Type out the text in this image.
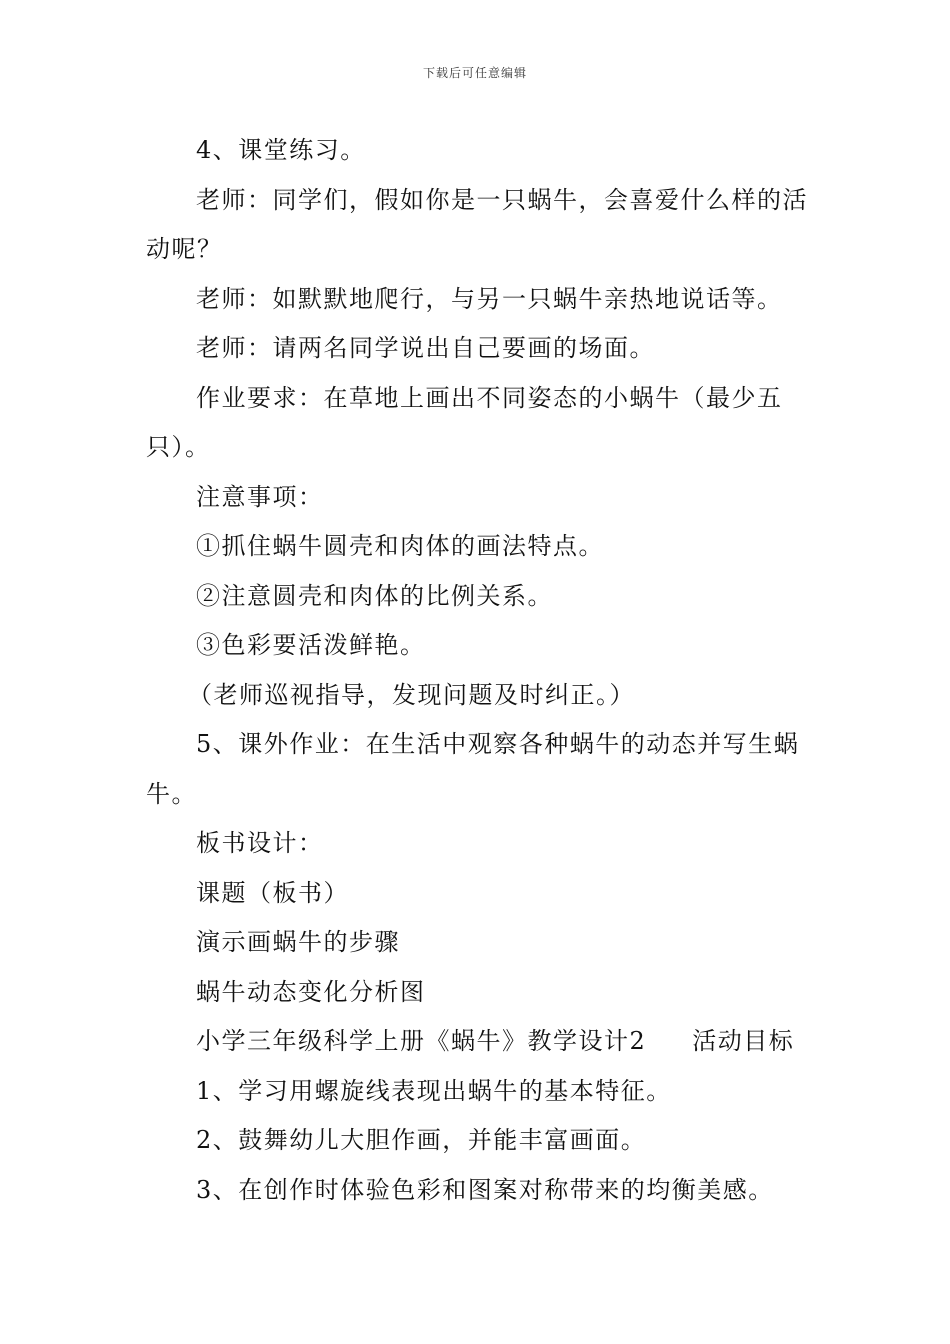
下载后可任意编辑

4、课堂练习。

老师：同学们，假如你是一只蜗牛，会喜爱什么样的活动呢？

老师：如默默地爬行，与另一只蜗牛亲热地说话等。

老师：请两名同学说出自己要画的场面。

作业要求：在草地上画出不同姿态的小蜗牛（最少五只）。

注意事项：

①抓住蜗牛圆壳和肉体的画法特点。

②注意圆壳和肉体的比例关系。

③色彩要活泼鲜艳。

（老师巡视指导，发现问题及时纠正。）

5、课外作业：在生活中观察各种蜗牛的动态并写生蜗牛。

板书设计：

课题（板书）

演示画蜗牛的步骤

蜗牛动态变化分析图

小学三年级科学上册《蜗牛》教学设计2 活动目标

1、学习用螺旋线表现出蜗牛的基本特征。

2、鼓舞幼儿大胆作画，并能丰富画面。

3、在创作时体验色彩和图案对称带来的均衡美感。
